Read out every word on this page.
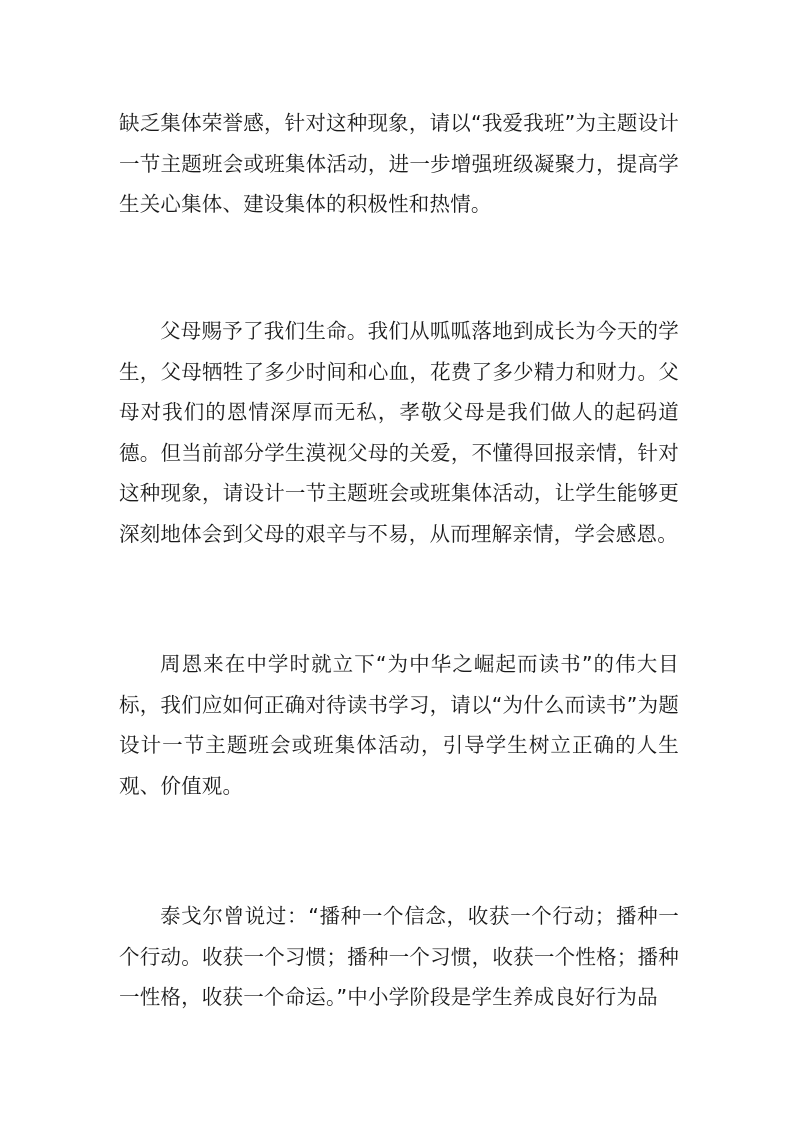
缺乏集体荣誉感，针对这种现象，请以“我爱我班”为主题设计一节主题班会或班集体活动，进一步增强班级凝聚力，提高学生关心集体、建设集体的积极性和热情。

父母赐予了我们生命。我们从呱呱落地到成长为今天的学生，父母牺牲了多少时间和心血，花费了多少精力和财力。父母对我们的恩情深厚而无私，孝敬父母是我们做人的起码道德。但当前部分学生漠视父母的关爱，不懂得回报亲情，针对这种现象，请设计一节主题班会或班集体活动，让学生能够更深刻地体会到父母的艰辛与不易，从而理解亲情，学会感恩。

周恩来在中学时就立下“为中华之崛起而读书”的伟大目标，我们应如何正确对待读书学习，请以“为什么而读书”为题设计一节主题班会或班集体活动，引导学生树立正确的人生观、价值观。

泰戈尔曾说过：“播种一个信念，收获一个行动；播种一个行动。收获一个习惯；播种一个习惯，收获一个性格；播种一性格，收获一个命运。”中小学阶段是学生养成良好行为品
